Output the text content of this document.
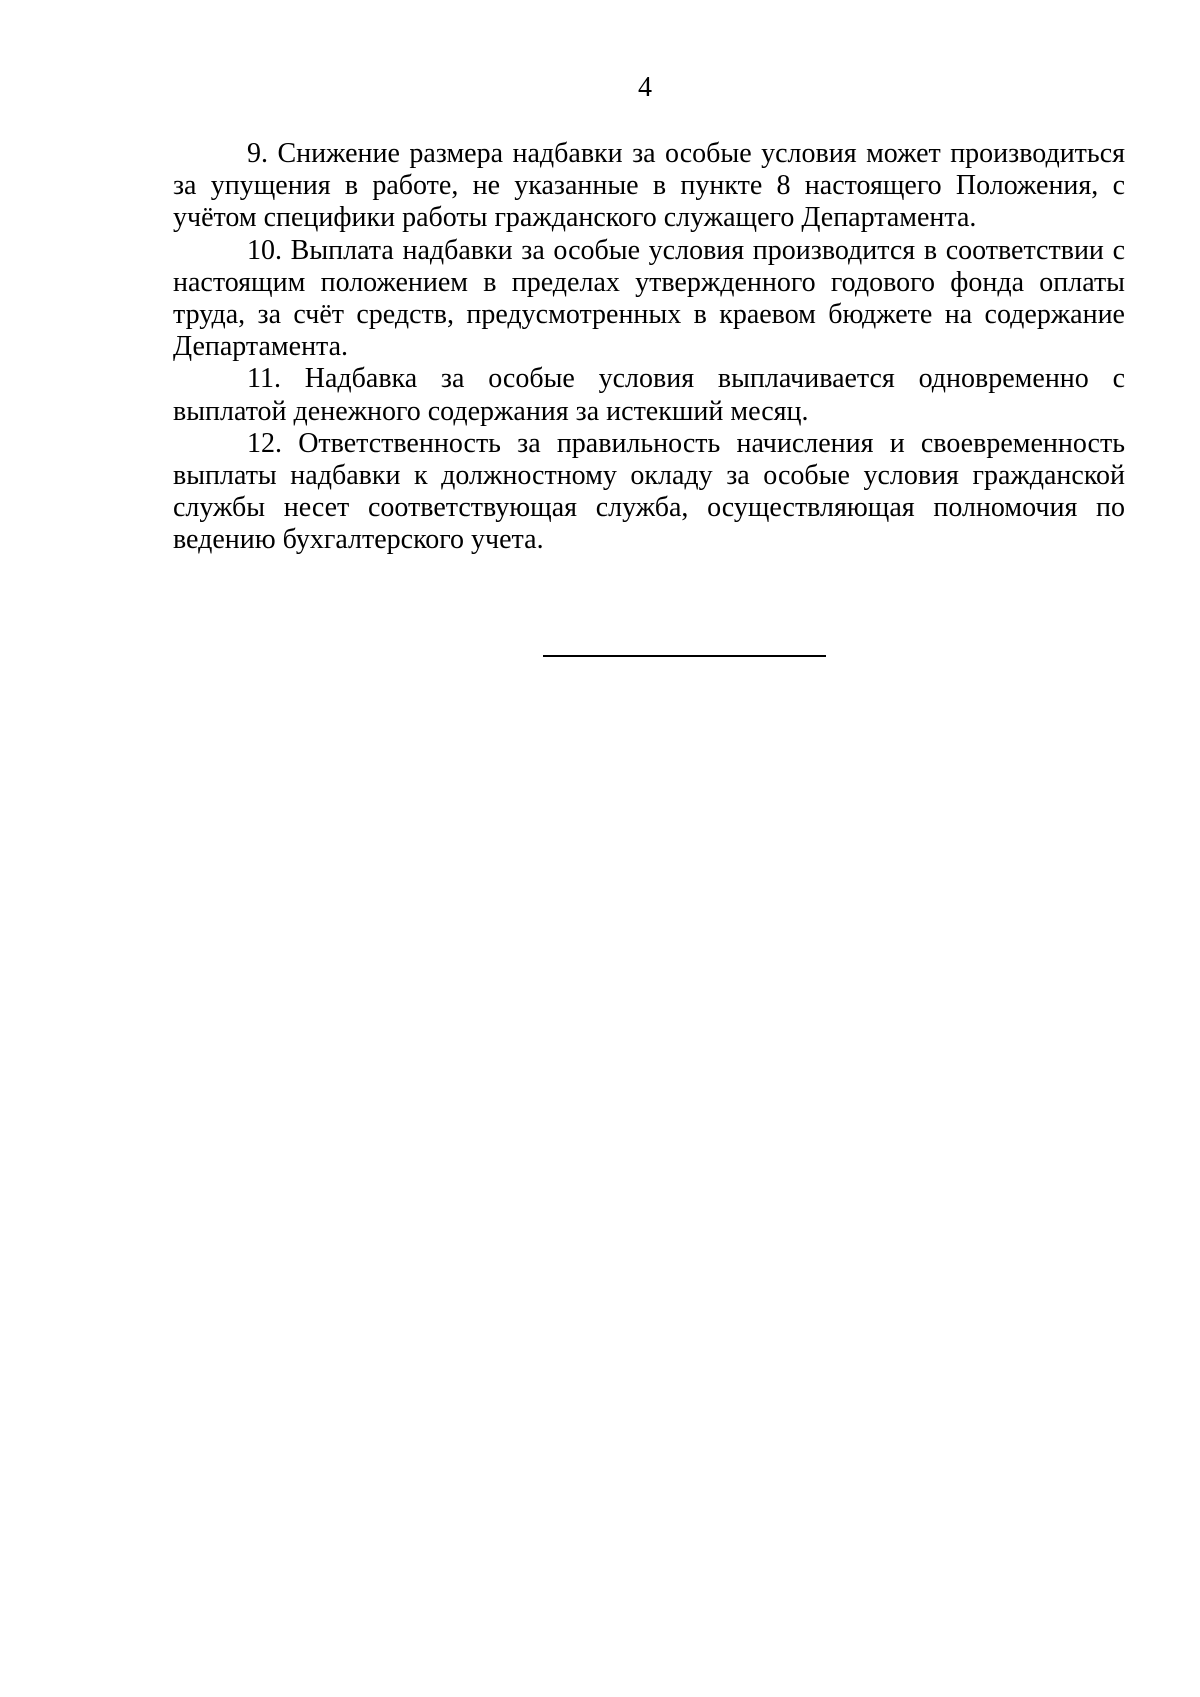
4

9. Снижение размера надбавки за особые условия может производиться за упущения в работе, не указанные в пункте 8 настоящего Положения, с учётом специфики работы гражданского служащего Департамента.

10. Выплата надбавки за особые условия производится в соответствии с настоящим положением в пределах утвержденного годового фонда оплаты труда, за счёт средств, предусмотренных в краевом бюджете на содержание Департамента.

11. Надбавка за особые условия выплачивается одновременно с выплатой денежного содержания за истекший месяц.

12. Ответственность за правильность начисления и своевременность выплаты надбавки к должностному окладу за особые условия гражданской службы несет соответствующая служба, осуществляющая полномочия по ведению бухгалтерского учета.
